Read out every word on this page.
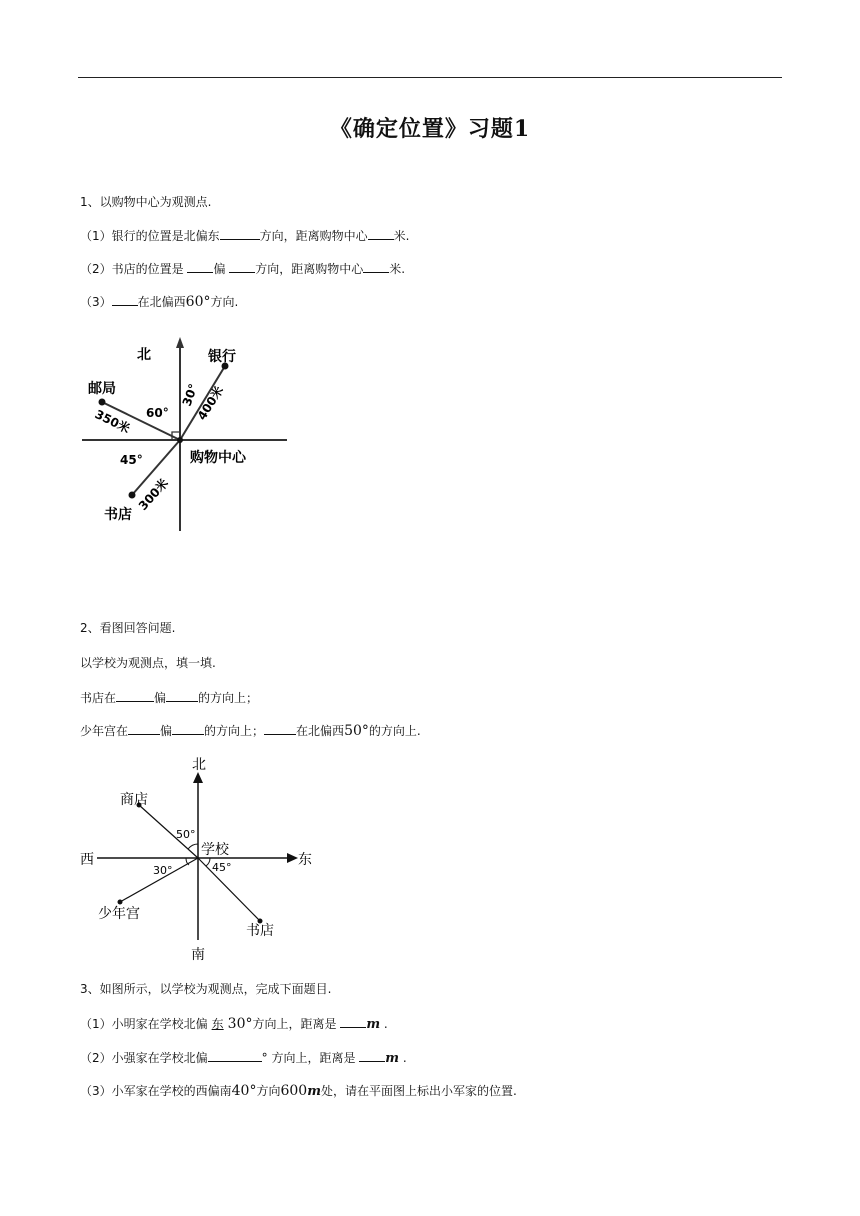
《确定位置》习题1
1、以购物中心为观测点.
（1）银行的位置是北偏东	方向，距离购物中心 米.
（2）书店的位置是 偏 方向，距离购物中心 米.
（3） 在北偏西60°方向.
北	银行
邮局
购物中心
书店
400米
350米
300米
30°
60°
45°
2、看图回答问题.
以学校为观测点，填一填.
书店在	偏	的方向上；
少年宫在	偏	的方向上；	在北偏西50°的方向上.
北
南
东
西
学校
商店
少年宫
书店
50°
30°	45°
3、如图所示，以学校为观测点，完成下面题目.
（1）小明家在学校北偏 东 30°方向上，距离是 m .
（2）小强家在学校北偏	° 方向上，距离是 m .
（3）小军家在学校的西偏南40°方向600m处，请在平面图上标出小军家的位置.
